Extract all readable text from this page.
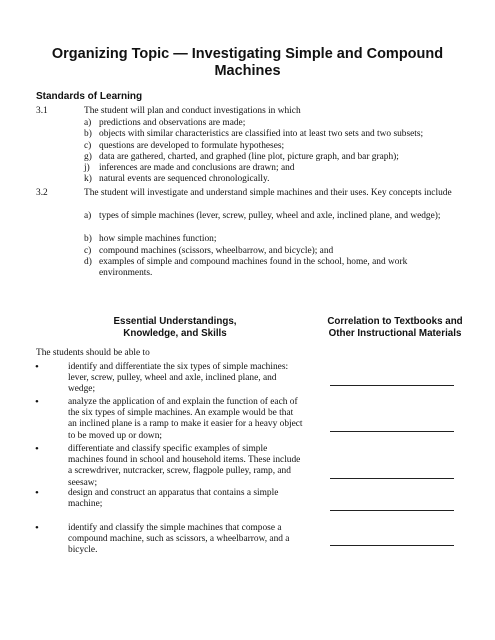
Organizing Topic — Investigating Simple and Compound
Machines
Standards of Learning
3.1	The student will plan and conduct investigations in which
a) predictions and observations are made;
b) objects with similar characteristics are classified into at least two sets and two subsets;
c) questions are developed to formulate hypotheses;
g) data are gathered, charted, and graphed (line plot, picture graph, and bar graph);
j) inferences are made and conclusions are drawn; and
k) natural events are sequenced chronologically.
3.2	The student will investigate and understand simple machines and their uses. Key concepts include
a) types of simple machines (lever, screw, pulley, wheel and axle, inclined plane, and wedge);
b) how simple machines function;
c) compound machines (scissors, wheelbarrow, and bicycle); and
d) examples of simple and compound machines found in the school, home, and work environments.
Essential Understandings,
Knowledge, and Skills
Correlation to Textbooks and
Other Instructional Materials
The students should be able to
•	identify and differentiate the six types of simple machines: lever, screw, pulley, wheel and axle, inclined plane, and wedge;
•	analyze the application of and explain the function of each of the six types of simple machines. An example would be that an inclined plane is a ramp to make it easier for a heavy object to be moved up or down;
•	differentiate and classify specific examples of simple machines found in school and household items. These include a screwdriver, nutcracker, screw, flagpole pulley, ramp, and seesaw;
•	design and construct an apparatus that contains a simple machine;
•	identify and classify the simple machines that compose a compound machine, such as scissors, a wheelbarrow, and a bicycle.
